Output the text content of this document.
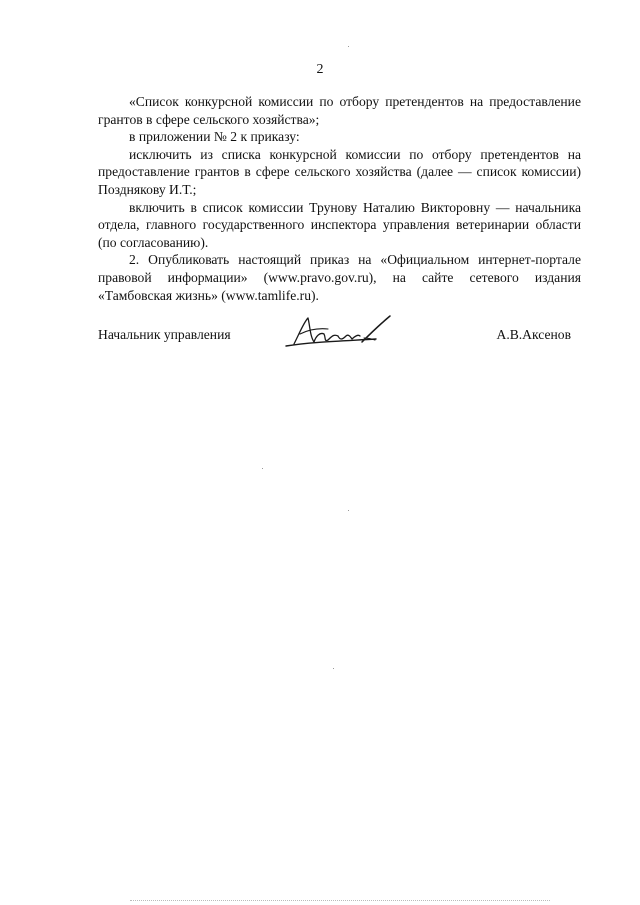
2

«Список конкурсной комиссии по отбору претендентов на предоставление грантов в сфере сельского хозяйства»;

в приложении № 2 к приказу:

исключить из списка конкурсной комиссии по отбору претендентов на предоставление грантов в сфере сельского хозяйства (далее — список комиссии) Позднякову И.Т.;

включить в список комиссии Трунову Наталию Викторовну — начальника отдела, главного государственного инспектора управления ветеринарии области (по согласованию).

2. Опубликовать настоящий приказ на «Официальном интернет-портале правовой информации» (www.pravo.gov.ru), на сайте сетевого издания «Тамбовская жизнь» (www.tamlife.ru).

Начальник управления	А.В.Аксенов
